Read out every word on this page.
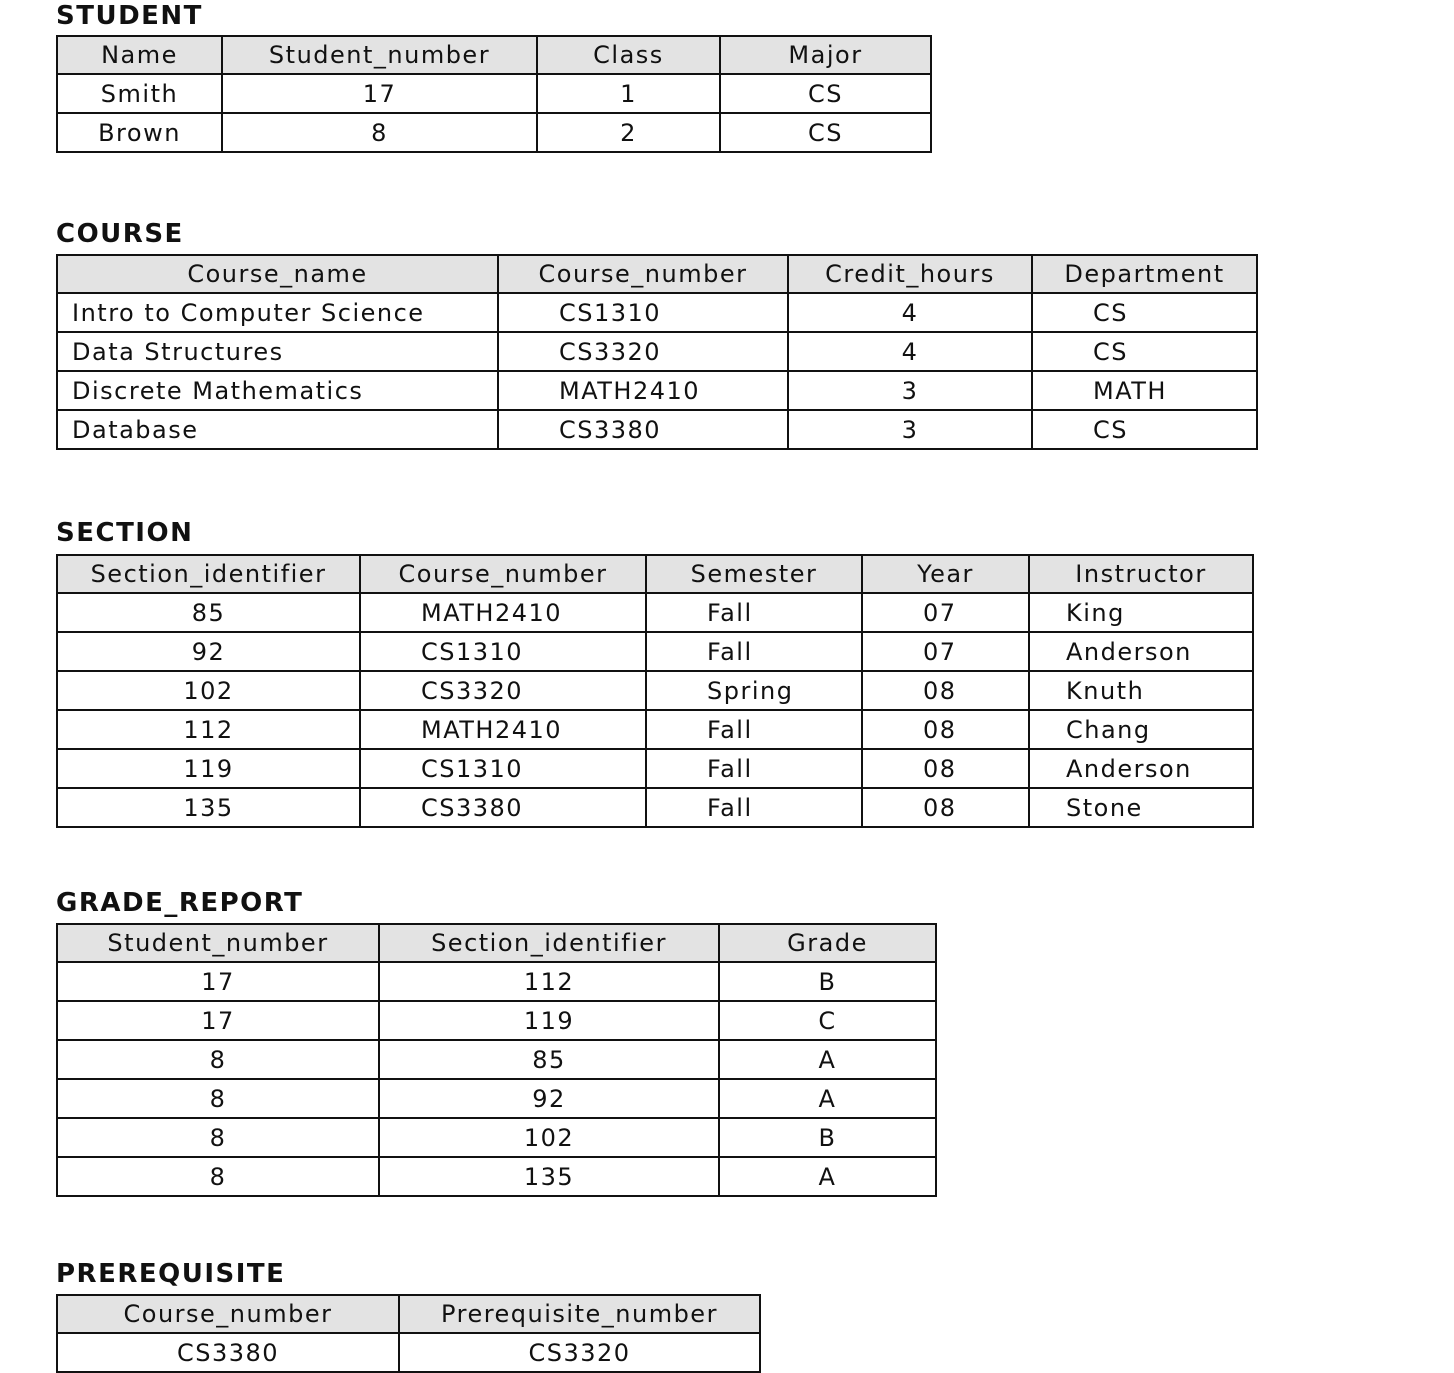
STUDENT
Name	Student_number	Class	Major
Smith	17	1	CS
Brown	8	2	CS
COURSE
Course_name	Course_number	Credit_hours	Department
Intro to Computer Science	CS1310	4	CS
Data Structures	CS3320	4	CS
Discrete Mathematics	MATH2410	3	MATH
Database	CS3380	3	CS
SECTION
Section_identifier	Course_number	Semester	Year	Instructor
85	MATH2410	Fall	07	King
92	CS1310	Fall	07	Anderson
102	CS3320	Spring	08	Knuth
112	MATH2410	Fall	08	Chang
119	CS1310	Fall	08	Anderson
135	CS3380	Fall	08	Stone
GRADE_REPORT
Student_number	Section_identifier	Grade
17	112	B
17	119	C
8	85	A
8	92	A
8	102	B
8	135	A
PREREQUISITE
Course_number	Prerequisite_number
CS3380	CS3320
